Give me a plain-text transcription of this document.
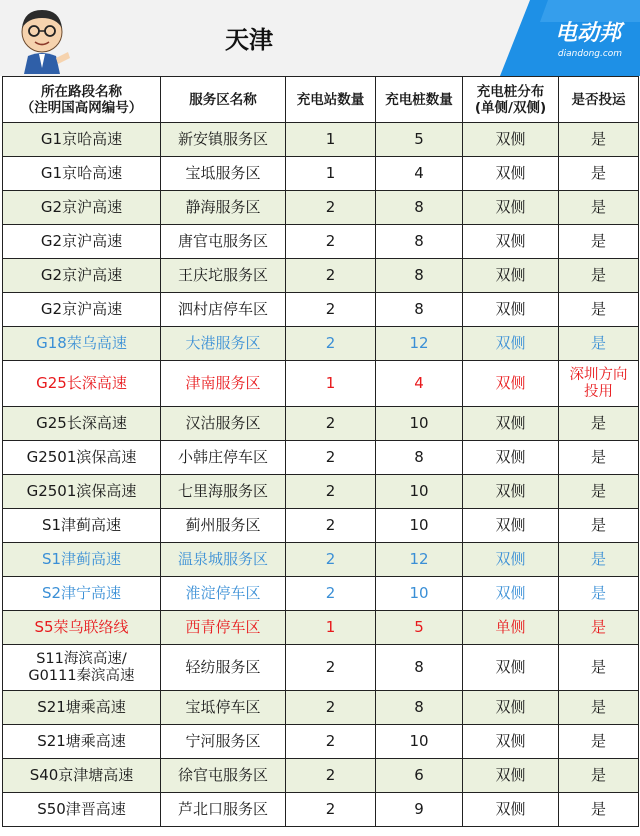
天津	电动邦
diandong.com
所在路段名称
（注明国高网编号）	服务区名称	充电站数量	充电桩数量	充电桩分布
(单侧/双侧)	是否投运
G1京哈高速	新安镇服务区	1	5	双侧	是
G1京哈高速	宝坻服务区	1	4	双侧	是
G2京沪高速	静海服务区	2	8	双侧	是
G2京沪高速	唐官屯服务区	2	8	双侧	是
G2京沪高速	王庆坨服务区	2	8	双侧	是
G2京沪高速	泗村店停车区	2	8	双侧	是
G18荣乌高速	大港服务区	2	12	双侧	是
G25长深高速	津南服务区	1	4	双侧	深圳方向
投用
G25长深高速	汉沽服务区	2	10	双侧	是
G2501滨保高速	小韩庄停车区	2	8	双侧	是
G2501滨保高速	七里海服务区	2	10	双侧	是
S1津蓟高速	蓟州服务区	2	10	双侧	是
S1津蓟高速	温泉城服务区	2	12	双侧	是
S2津宁高速	淮淀停车区	2	10	双侧	是
S5荣乌联络线	西青停车区	1	5	单侧	是
S11海滨高速/
G0111秦滨高速	轻纺服务区	2	8	双侧	是
S21塘乘高速	宝坻停车区	2	8	双侧	是
S21塘乘高速	宁河服务区	2	10	双侧	是
S40京津塘高速	徐官屯服务区	2	6	双侧	是
S50津晋高速	芦北口服务区	2	9	双侧	是
